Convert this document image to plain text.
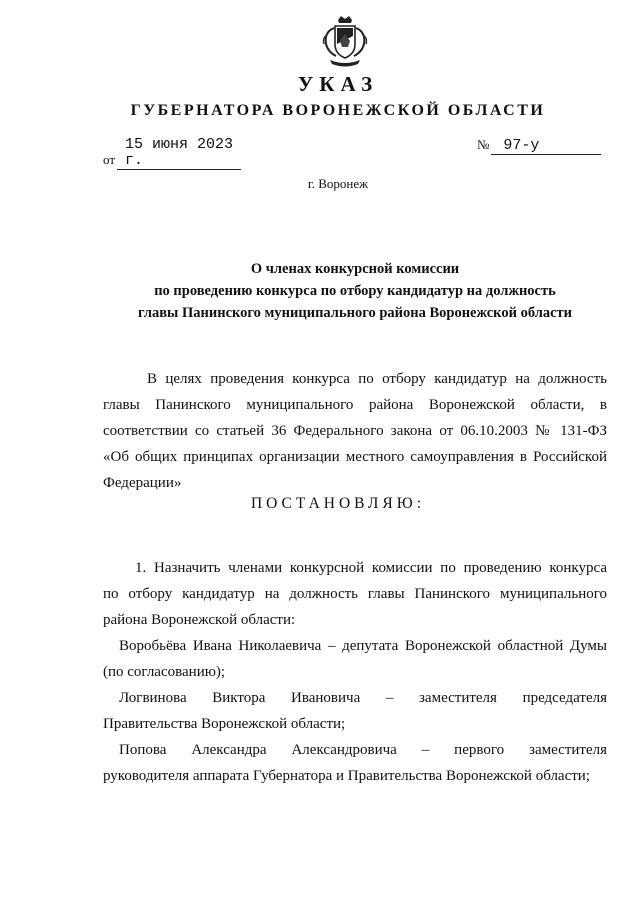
УКАЗ
ГУБЕРНАТОРА ВОРОНЕЖСКОЙ ОБЛАСТИ
от15 июня 2023 г.
№ 97-у
г. Воронеж
О членах конкурсной комиссии
по проведению конкурса по отбору кандидатур на должность
главы Панинского муниципального района Воронежской области
В целях проведения конкурса по отбору кандидатур на должность
главы Панинского муниципального района Воронежской области, в
соответствии со статьей 36 Федерального закона от 06.10.2003 № 131-ФЗ
«Об общих принципах организации местного самоуправления в Российской
Федерации»
ПОСТАНОВЛЯЮ:
1. Назначить членами конкурсной комиссии по проведению конкурса
по отбору кандидатур на должность главы Панинского муниципального
района Воронежской области:
Воробьёва Ивана Николаевича – депутата Воронежской областной Думы
(по согласованию);
Логвинова Виктора Ивановича – заместителя председателя
Правительства Воронежской области;
Попова Александра Александровича – первого заместителя
руководителя аппарата Губернатора и Правительства Воронежской области;
